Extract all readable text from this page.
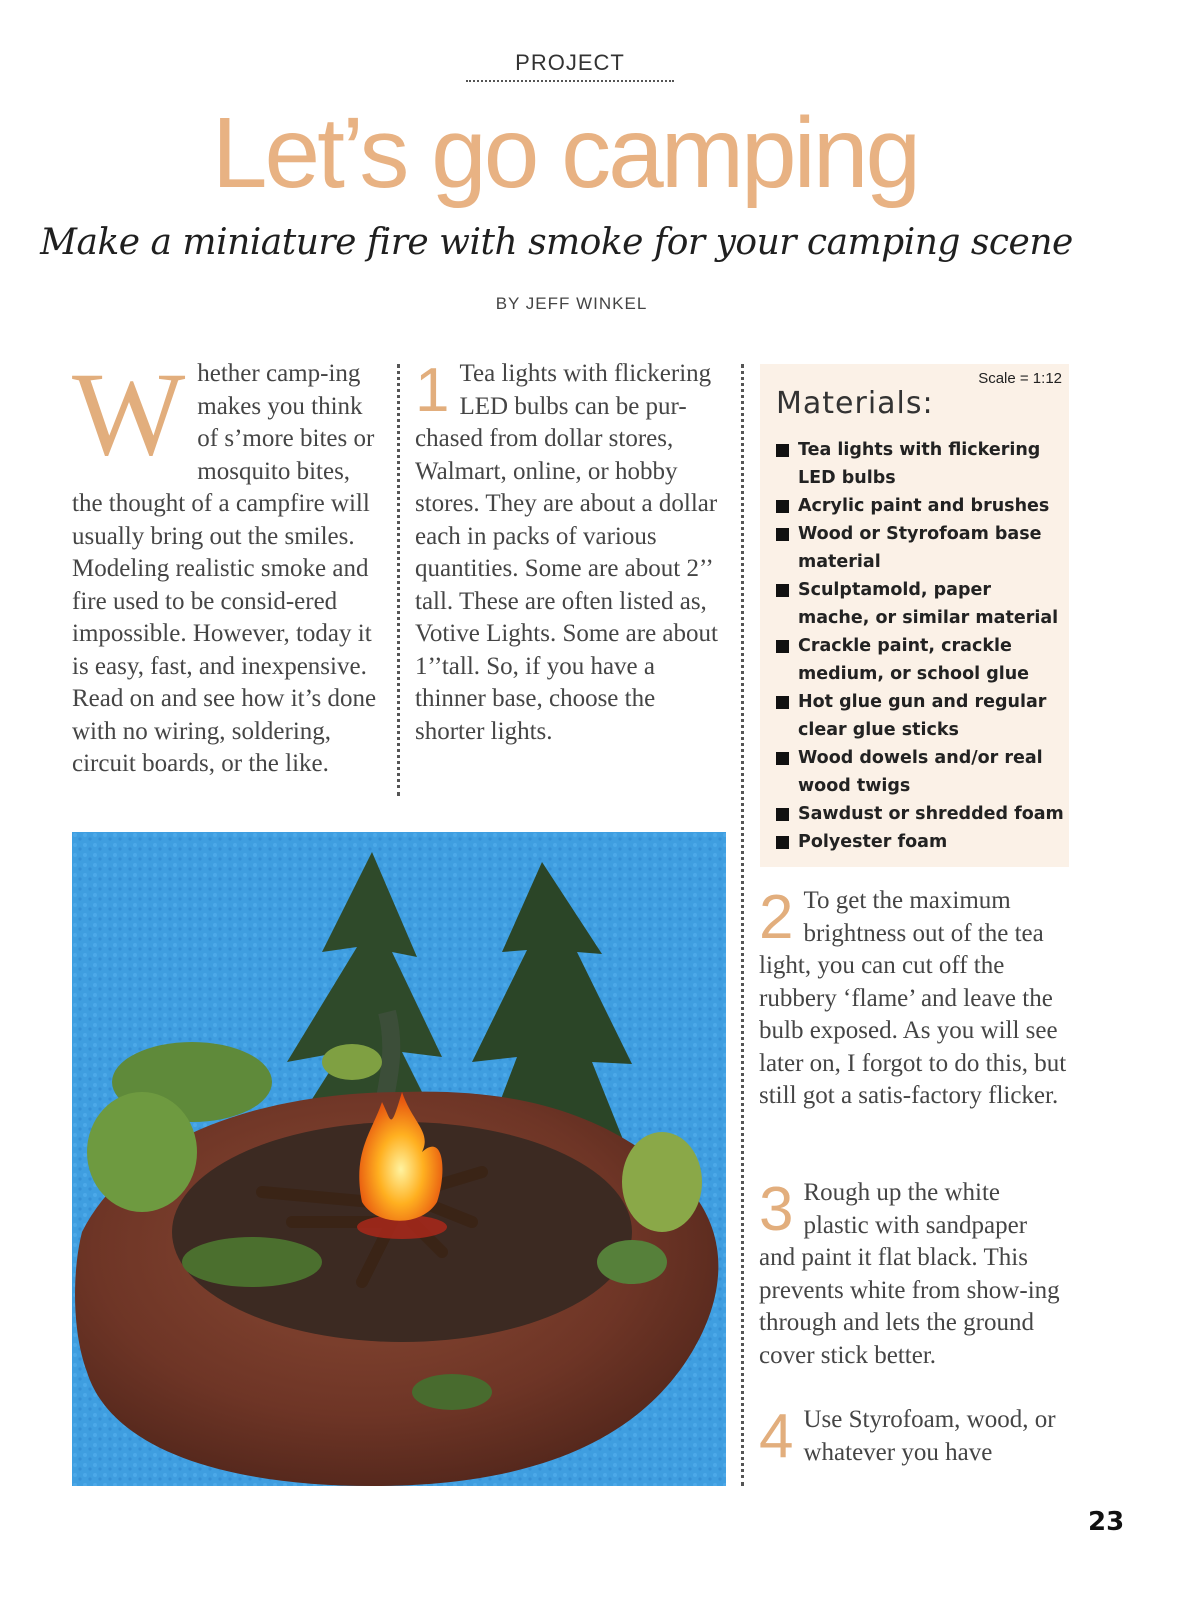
PROJECT
Let’s go camping
Make a miniature fire with smoke for your camping scene
BY JEFF WINKEL
W hether camp-ing makes you think of s’more bites or mosquito bites, the thought of a campfire will usually bring out the smiles. Modeling realistic smoke and fire used to be consid-ered impossible. However, today it is easy, fast, and inexpensive. Read on and see how it’s done with no wiring, soldering, circuit boards, or the like.
1 Tea lights with flickering LED bulbs can be pur-chased from dollar stores, Walmart, online, or hobby stores. They are about a dollar each in packs of various quantities. Some are about 2’’ tall. These are often listed as, Votive Lights. Some are about 1’’tall. So, if you have a thinner base, choose the shorter lights.
Scale = 1:12
Materials:
Tea lights with flickering LED bulbs
Acrylic paint and brushes
Wood or Styrofoam base material
Sculptamold, paper mache, or similar material
Crackle paint, crackle medium, or school glue
Hot glue gun and regular clear glue sticks
Wood dowels and/or real wood twigs
Sawdust or shredded foam
Polyester foam
2 To get the maximum brightness out of the tea light, you can cut off the rubbery ‘flame’ and leave the bulb exposed. As you will see later on, I forgot to do this, but still got a satis-factory flicker.
3 Rough up the white plastic with sandpaper and paint it flat black. This prevents white from show-ing through and lets the ground cover stick better.
4 Use Styrofoam, wood, or whatever you have
23
